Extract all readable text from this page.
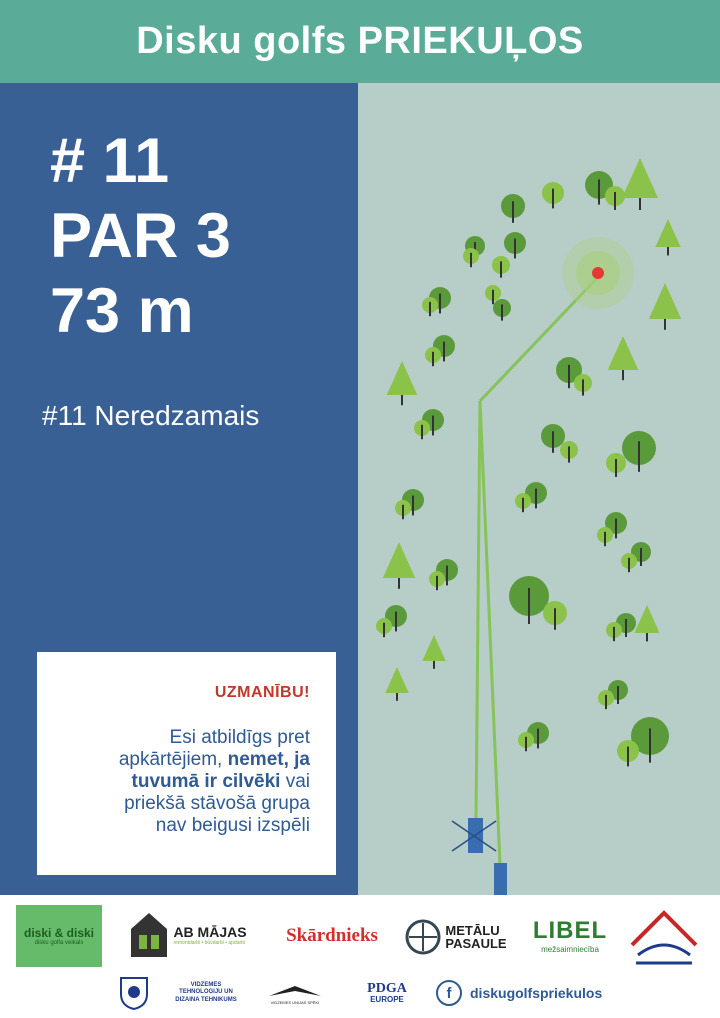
Disku golfs PRIEKUĻOS
# 11
PAR 3
73 m
#11 Neredzamais
UZMANĪBU!
Esi atbildīgs pret
apkārtējiem, nemet, ja
tuvumā ir cilvēki vai
priekšā stāvošā grupa
nav beigusi izspēli
diski & diski
disku golfa veikals
AB MĀJAS
remontdarbi • būvdarbi • apdarbi Skārdnieks	METĀLU
PASAULE LIBEL
mežsaimniecība
VIDZEMES TEHNOLOĢIJU UN DIZAINA TEHNIKUMS	VIDZEMES UNIJAS SPĒKI
PDGA
EUROPE	f	diskugolfspriekulos
